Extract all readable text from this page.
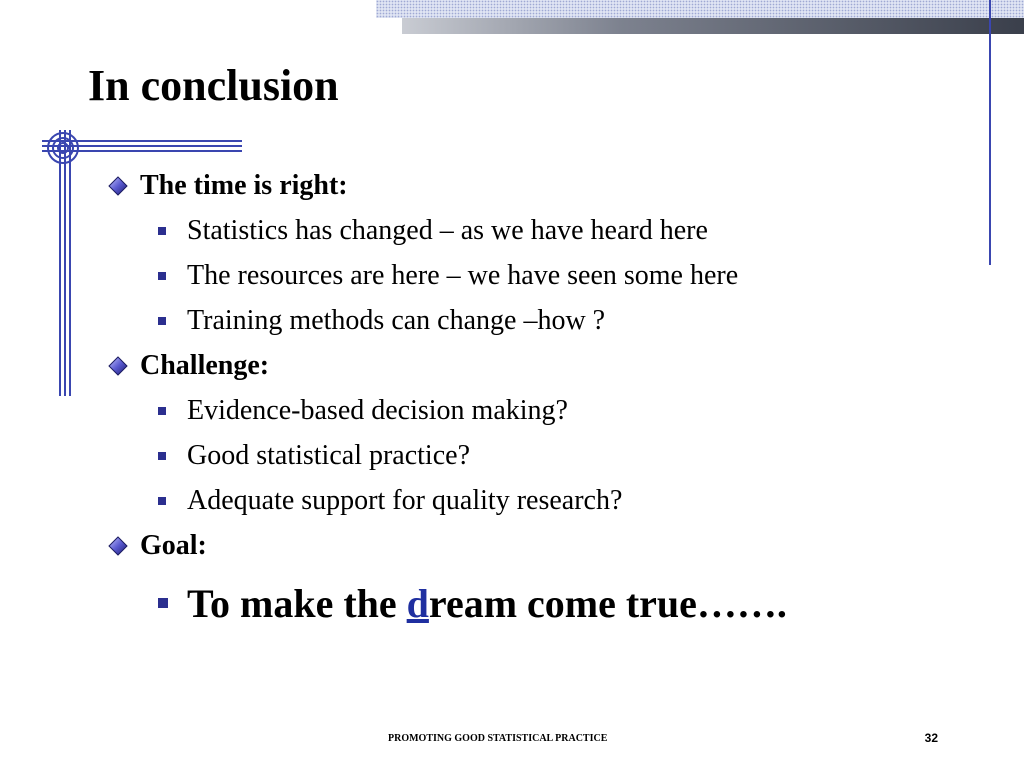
In conclusion
The time is right:
Statistics has changed – as we have heard here
The resources are here – we have seen some here
Training methods can change –how ?
Challenge:
Evidence-based decision making?
Good statistical practice?
Adequate support for quality research?
Goal:
To make the d ream come true…….
PROMOTING GOOD STATISTICAL PRACTICE	32
